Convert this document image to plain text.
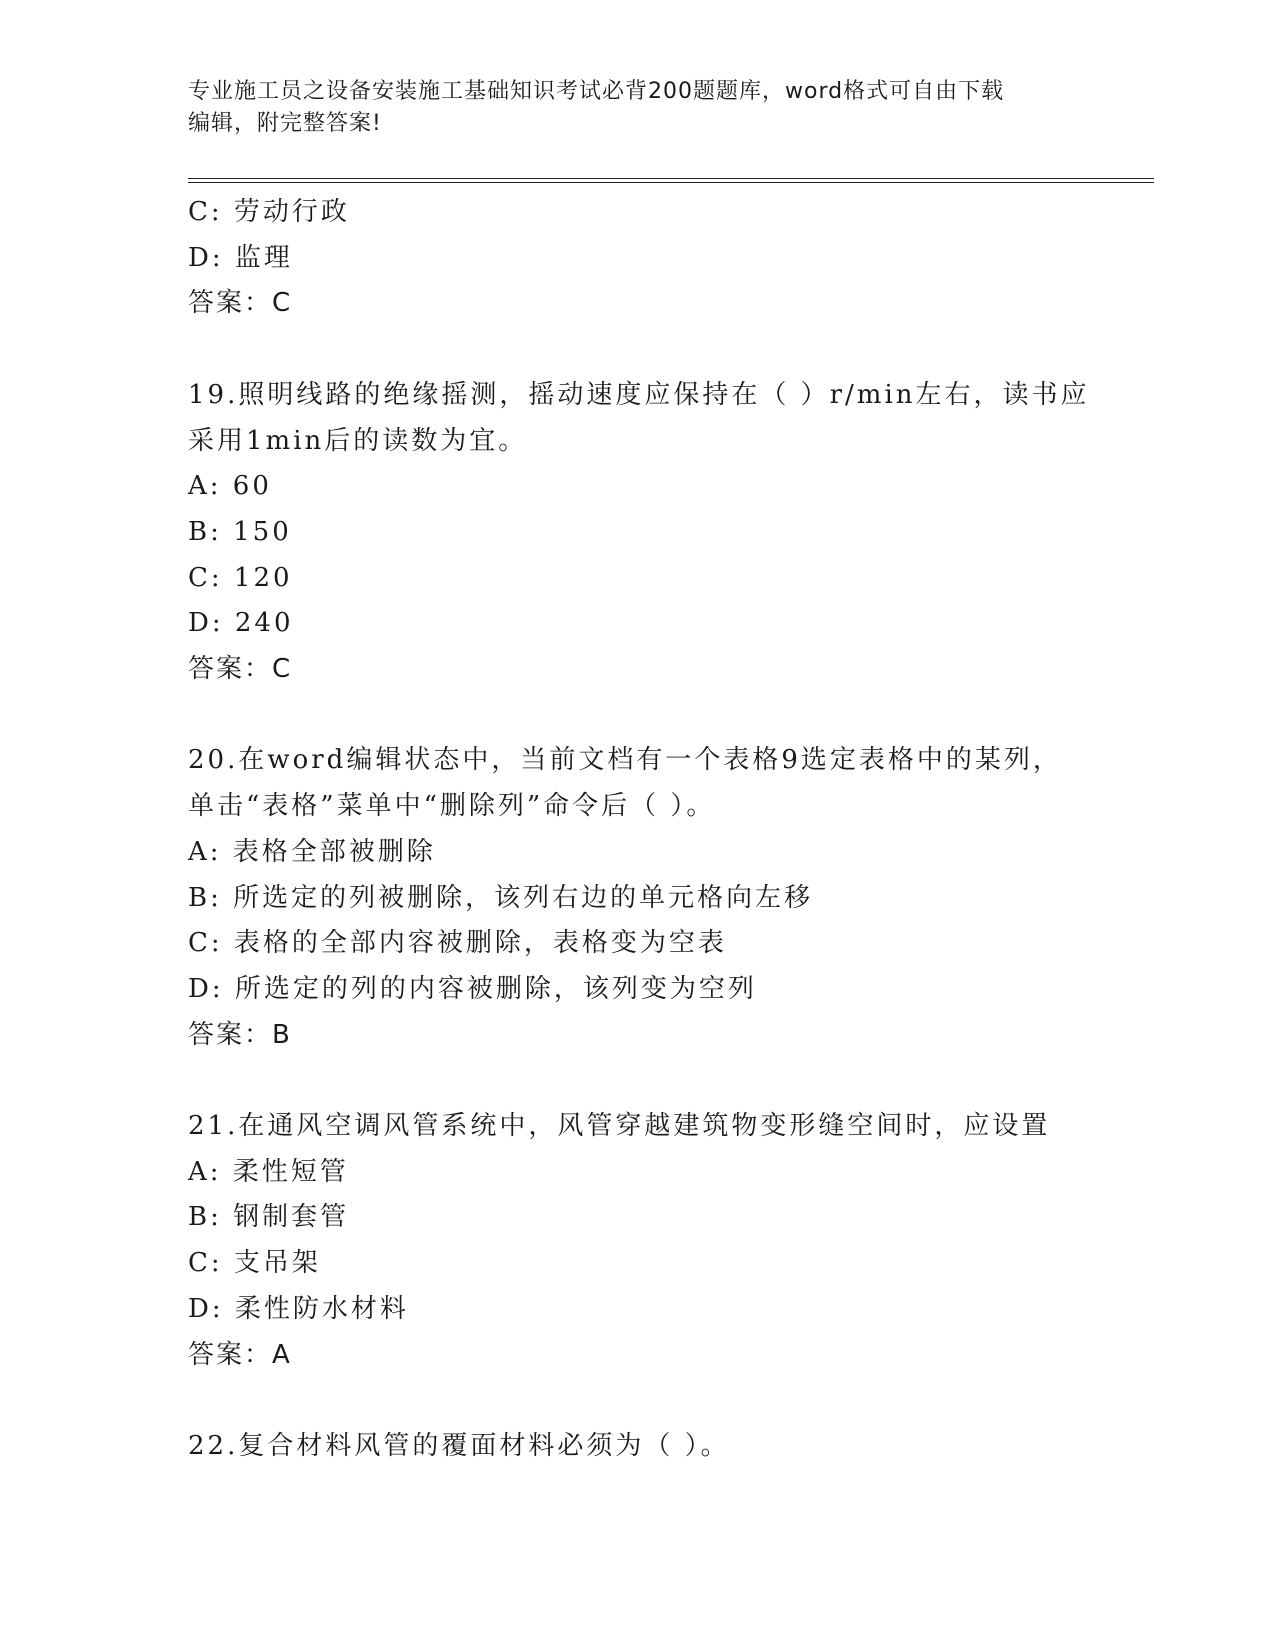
专业施工员之设备安装施工基础知识考试必背200题题库，word格式可自由下载
编辑，附完整答案!
C: 劳动行政
D: 监理
答案：C
19.照明线路的绝缘摇测，摇动速度应保持在（ ）r/min左右，读书应
采用1min后的读数为宜。
A: 60
B: 150
C: 120
D: 240
答案：C
20.在word编辑状态中，当前文档有一个表格9选定表格中的某列，
单击“表格”菜单中“删除列”命令后（ ）。
A: 表格全部被删除
B: 所选定的列被删除，该列右边的单元格向左移
C: 表格的全部内容被删除，表格变为空表
D: 所选定的列的内容被删除，该列变为空列
答案：B
21.在通风空调风管系统中，风管穿越建筑物变形缝空间时，应设置
A: 柔性短管
B: 钢制套管
C: 支吊架
D: 柔性防水材料
答案：A
22.复合材料风管的覆面材料必须为（ ）。
